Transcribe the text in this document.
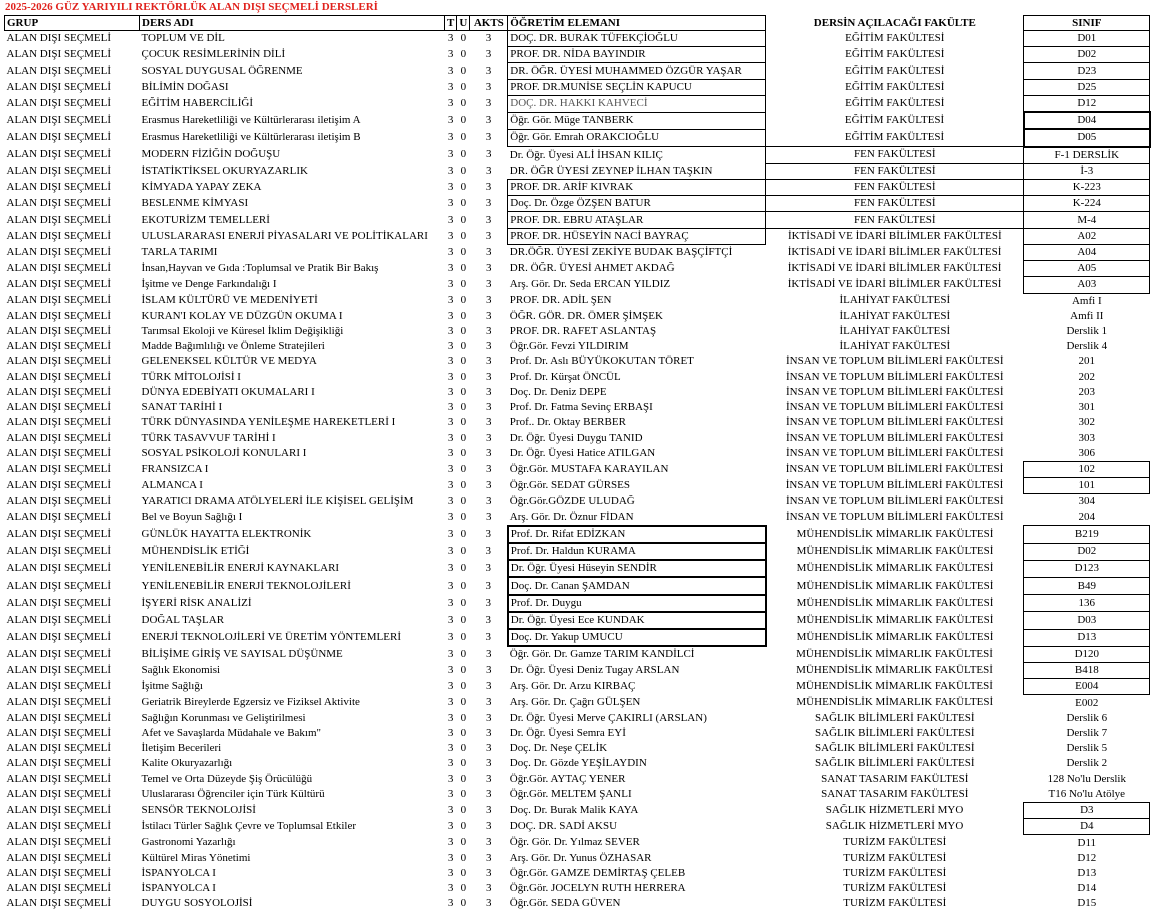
2025-2026 GÜZ YARIYILI REKTÖRLÜK ALAN DIŞI SEÇMELİ DERSLERİ
GRUP	DERS ADI	T	U	AKTS	ÖĞRETİM ELEMANI	DERSİN AÇILACAĞI FAKÜLTE	SINIF
ALAN DIŞI SEÇMELİ	TOPLUM VE DİL	3	0	3	DOÇ. DR. BURAK TÜFEKÇİOĞLU	EĞİTİM FAKÜLTESİ	D01
ALAN DIŞI SEÇMELİ	ÇOCUK RESİMLERİNİN DİLİ	3	0	3	PROF. DR. NİDA BAYINDIR	EĞİTİM FAKÜLTESİ	D02
ALAN DIŞI SEÇMELİ	SOSYAL DUYGUSAL ÖĞRENME	3	0	3	DR. ÖĞR. ÜYESİ MUHAMMED ÖZGÜR YAŞAR	EĞİTİM FAKÜLTESİ	D23
ALAN DIŞI SEÇMELİ	BİLİMİN DOĞASI	3	0	3	PROF. DR.MUNİSE SEÇLİN KAPUCU	EĞİTİM FAKÜLTESİ	D25
ALAN DIŞI SEÇMELİ	EĞİTİM HABERCİLİĞİ	3	0	3	DOÇ. DR. HAKKI KAHVECİ	EĞİTİM FAKÜLTESİ	D12
ALAN DIŞI SEÇMELİ	Erasmus Hareketliliği ve Kültürlerarası iletişim A	3	0	3	Öğr. Gör. Müge TANBERK	EĞİTİM FAKÜLTESİ	D04
ALAN DIŞI SEÇMELİ	Erasmus Hareketliliği ve Kültürlerarası iletişim B	3	0	3	Öğr. Gör. Emrah ORAKCIOĞLU	EĞİTİM FAKÜLTESİ	D05
ALAN DIŞI SEÇMELİ	MODERN FİZİĞİN DOĞUŞU	3	0	3	Dr. Öğr. Üyesi ALİ İHSAN KILIÇ	FEN FAKÜLTESİ	F-1 DERSLİK
ALAN DIŞI SEÇMELİ	İSTATİKTİKSEL OKURYAZARLIK	3	0	3	DR. ÖĞR ÜYESİ ZEYNEP İLHAN TAŞKIN	FEN FAKÜLTESİ	İ-3
ALAN DIŞI SEÇMELİ	KİMYADA YAPAY ZEKA	3	0	3	PROF. DR. ARİF KIVRAK	FEN FAKÜLTESİ	K-223
ALAN DIŞI SEÇMELİ	BESLENME KİMYASI	3	0	3	Doç. Dr. Özge ÖZŞEN BATUR	FEN FAKÜLTESİ	K-224
ALAN DIŞI SEÇMELİ	EKOTURİZM TEMELLERİ	3	0	3	PROF. DR. EBRU ATAŞLAR	FEN FAKÜLTESİ	M-4
ALAN DIŞI SEÇMELİ	ULUSLARARASI ENERJİ PİYASALARI VE POLİTİKALARI	3	0	3	PROF. DR. HÜSEYİN NACİ BAYRAÇ	İKTİSADİ VE İDARİ BİLİMLER FAKÜLTESİ	A02
ALAN DIŞI SEÇMELİ	TARLA TARIMI	3	0	3	DR.ÖĞR. ÜYESİ ZEKİYE BUDAK BAŞÇİFTÇİ	İKTİSADİ VE İDARİ BİLİMLER FAKÜLTESİ	A04
ALAN DIŞI SEÇMELİ	İnsan,Hayvan ve Gıda :Toplumsal ve Pratik Bir Bakış	3	0	3	DR. ÖĞR. ÜYESİ AHMET AKDAĞ	İKTİSADİ VE İDARİ BİLİMLER FAKÜLTESİ	A05
ALAN DIŞI SEÇMELİ	İşitme ve Denge Farkındalığı I	3	0	3	Arş. Gör. Dr. Seda ERCAN YILDIZ	İKTİSADİ VE İDARİ BİLİMLER FAKÜLTESİ	A03
ALAN DIŞI SEÇMELİ	İSLAM KÜLTÜRÜ VE MEDENİYETİ	3	0	3	PROF. DR. ADİL ŞEN	İLAHİYAT FAKÜLTESİ	Amfi I
ALAN DIŞI SEÇMELİ	KURAN'I KOLAY VE DÜZGÜN OKUMA I	3	0	3	ÖĞR. GÖR. DR. ÖMER ŞİMŞEK	İLAHİYAT FAKÜLTESİ	Amfi II
ALAN DIŞI SEÇMELİ	Tarımsal Ekoloji ve Küresel İklim Değişikliği	3	0	3	PROF. DR. RAFET ASLANTAŞ	İLAHİYAT FAKÜLTESİ	Derslik 1
ALAN DIŞI SEÇMELİ	Madde Bağımlılığı ve Önleme Stratejileri	3	0	3	Öğr.Gör. Fevzi YILDIRIM	İLAHİYAT FAKÜLTESİ	Derslik 4
ALAN DIŞI SEÇMELİ	GELENEKSEL KÜLTÜR VE MEDYA	3	0	3	Prof. Dr. Aslı BÜYÜKOKUTAN TÖRET	İNSAN VE TOPLUM BİLİMLERİ FAKÜLTESİ	201
ALAN DIŞI SEÇMELİ	TÜRK MİTOLOJİSİ I	3	0	3	Prof. Dr. Kürşat ÖNCÜL	İNSAN VE TOPLUM BİLİMLERİ FAKÜLTESİ	202
ALAN DIŞI SEÇMELİ	DÜNYA EDEBİYATI OKUMALARI I	3	0	3	Doç. Dr. Deniz DEPE	İNSAN VE TOPLUM BİLİMLERİ FAKÜLTESİ	203
ALAN DIŞI SEÇMELİ	SANAT TARİHİ I	3	0	3	Prof. Dr. Fatma Sevinç ERBAŞI	İNSAN VE TOPLUM BİLİMLERİ FAKÜLTESİ	301
ALAN DIŞI SEÇMELİ	TÜRK DÜNYASINDA YENİLEŞME HAREKETLERİ I	3	0	3	Prof.. Dr. Oktay BERBER	İNSAN VE TOPLUM BİLİMLERİ FAKÜLTESİ	302
ALAN DIŞI SEÇMELİ	TÜRK TASAVVUF TARİHİ I	3	0	3	Dr. Öğr. Üyesi Duygu TANID	İNSAN VE TOPLUM BİLİMLERİ FAKÜLTESİ	303
ALAN DIŞI SEÇMELİ	SOSYAL PSİKOLOJİ KONULARI I	3	0	3	Dr. Öğr. Üyesi Hatice ATILGAN	İNSAN VE TOPLUM BİLİMLERİ FAKÜLTESİ	306
ALAN DIŞI SEÇMELİ	FRANSIZCA I	3	0	3	Öğr.Gör. MUSTAFA KARAYILAN	İNSAN VE TOPLUM BİLİMLERİ FAKÜLTESİ	102
ALAN DIŞI SEÇMELİ	ALMANCA I	3	0	3	Öğr.Gör. SEDAT GÜRSES	İNSAN VE TOPLUM BİLİMLERİ FAKÜLTESİ	101
ALAN DIŞI SEÇMELİ	YARATICI DRAMA ATÖLYELERİ İLE KİŞİSEL GELİŞİM	3	0	3	Öğr.Gör.GÖZDE ULUDAĞ	İNSAN VE TOPLUM BİLİMLERİ FAKÜLTESİ	304
ALAN DIŞI SEÇMELİ	Bel ve Boyun Sağlığı I	3	0	3	Arş. Gör. Dr. Öznur FİDAN	İNSAN VE TOPLUM BİLİMLERİ FAKÜLTESİ	204
ALAN DIŞI SEÇMELİ	GÜNLÜK HAYATTA ELEKTRONİK	3	0	3	Prof. Dr. Rifat EDİZKAN	MÜHENDİSLİK MİMARLIK FAKÜLTESİ	B219
ALAN DIŞI SEÇMELİ	MÜHENDİSLİK ETİĞİ	3	0	3	Prof. Dr. Haldun KURAMA	MÜHENDİSLİK MİMARLIK FAKÜLTESİ	D02
ALAN DIŞI SEÇMELİ	YENİLENEBİLİR ENERJİ KAYNAKLARI	3	0	3	Dr. Öğr. Üyesi Hüseyin SENDİR	MÜHENDİSLİK MİMARLIK FAKÜLTESİ	D123
ALAN DIŞI SEÇMELİ	YENİLENEBİLİR ENERJİ TEKNOLOJİLERİ	3	0	3	Doç. Dr. Canan ŞAMDAN	MÜHENDİSLİK MİMARLIK FAKÜLTESİ	B49
ALAN DIŞI SEÇMELİ	İŞYERİ RİSK ANALİZİ	3	0	3	Prof. Dr. Duygu	MÜHENDİSLİK MİMARLIK FAKÜLTESİ	136
ALAN DIŞI SEÇMELİ	DOĞAL TAŞLAR	3	0	3	Dr. Öğr. Üyesi Ece KUNDAK	MÜHENDİSLİK MİMARLIK FAKÜLTESİ	D03
ALAN DIŞI SEÇMELİ	ENERJİ TEKNOLOJİLERİ VE ÜRETİM YÖNTEMLERİ	3	0	3	Doç. Dr. Yakup UMUCU	MÜHENDİSLİK MİMARLIK FAKÜLTESİ	D13
ALAN DIŞI SEÇMELİ	BİLİŞİME GİRİŞ VE SAYISAL DÜŞÜNME	3	0	3	Öğr. Gör. Dr. Gamze TARIM KANDİLCİ	MÜHENDİSLİK MİMARLIK FAKÜLTESİ	D120
ALAN DIŞI SEÇMELİ	Sağlık Ekonomisi	3	0	3	Dr. Öğr. Üyesi Deniz Tugay ARSLAN	MÜHENDİSLİK MİMARLIK FAKÜLTESİ	B418
ALAN DIŞI SEÇMELİ	İşitme Sağlığı	3	0	3	Arş. Gör. Dr. Arzu KIRBAÇ	MÜHENDİSLİK MİMARLIK FAKÜLTESİ	E004
ALAN DIŞI SEÇMELİ	Geriatrik Bireylerde Egzersiz ve Fiziksel Aktivite	3	0	3	Arş. Gör. Dr. Çağrı GÜLŞEN	MÜHENDİSLİK MİMARLIK FAKÜLTESİ	E002
ALAN DIŞI SEÇMELİ	Sağlığın Korunması ve Geliştirilmesi	3	0	3	Dr. Öğr. Üyesi Merve ÇAKIRLI (ARSLAN)	SAĞLIK BİLİMLERİ FAKÜLTESİ	Derslik 6
ALAN DIŞI SEÇMELİ	Afet ve Savaşlarda Müdahale ve Bakım"	3	0	3	Dr. Öğr. Üyesi Semra EYİ	SAĞLIK BİLİMLERİ FAKÜLTESİ	Derslik 7
ALAN DIŞI SEÇMELİ	İletişim Becerileri	3	0	3	Doç. Dr. Neşe ÇELİK	SAĞLIK BİLİMLERİ FAKÜLTESİ	Derslik 5
ALAN DIŞI SEÇMELİ	Kalite Okuryazarlığı	3	0	3	Doç. Dr. Gözde YEŞİLAYDIN	SAĞLIK BİLİMLERİ FAKÜLTESİ	Derslik 2
ALAN DIŞI SEÇMELİ	Temel ve Orta Düzeyde Şiş Örücülüğü	3	0	3	Öğr.Gör. AYTAÇ YENER	SANAT TASARIM FAKÜLTESİ	128 No'lu Derslik
ALAN DIŞI SEÇMELİ	Uluslararası Öğrenciler için Türk Kültürü	3	0	3	Öğr.Gör. MELTEM ŞANLI	SANAT TASARIM FAKÜLTESİ	T16 No'lu Atölye
ALAN DIŞI SEÇMELİ	SENSÖR TEKNOLOJİSİ	3	0	3	Doç. Dr. Burak Malik KAYA	SAĞLIK HİZMETLERİ MYO	D3
ALAN DIŞI SEÇMELİ	İstilacı Türler Sağlık Çevre ve Toplumsal Etkiler	3	0	3	DOÇ. DR. SADİ AKSU	SAĞLIK HİZMETLERİ MYO	D4
ALAN DIŞI SEÇMELİ	Gastronomi Yazarlığı	3	0	3	Öğr. Gör. Dr. Yılmaz SEVER	TURİZM FAKÜLTESİ	D11
ALAN DIŞI SEÇMELİ	Kültürel Miras Yönetimi	3	0	3	Arş. Gör. Dr. Yunus ÖZHASAR	TURİZM FAKÜLTESİ	D12
ALAN DIŞI SEÇMELİ	İSPANYOLCA I	3	0	3	Öğr.Gör. GAMZE DEMİRTAŞ ÇELEB	TURİZM FAKÜLTESİ	D13
ALAN DIŞI SEÇMELİ	İSPANYOLCA I	3	0	3	Öğr.Gör. JOCELYN RUTH HERRERA	TURİZM FAKÜLTESİ	D14
ALAN DIŞI SEÇMELİ	DUYGU SOSYOLOJİSİ	3	0	3	Öğr.Gör. SEDA GÜVEN	TURİZM FAKÜLTESİ	D15
